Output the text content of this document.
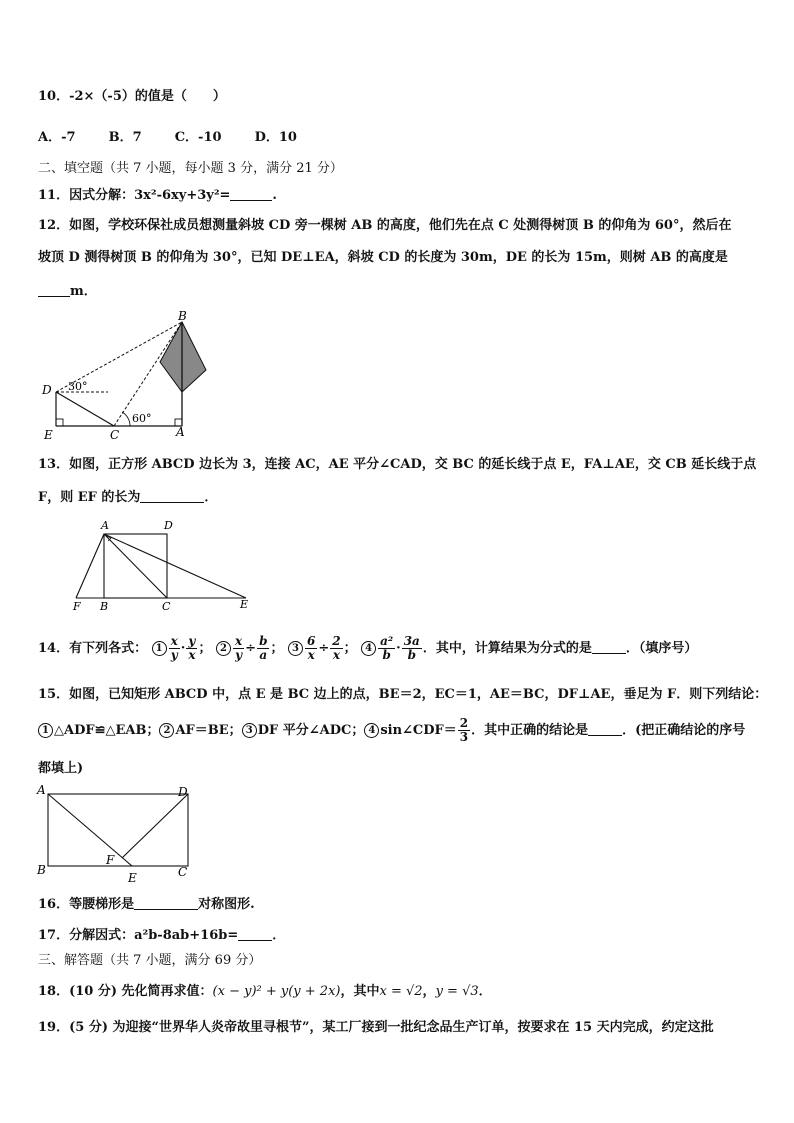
10．-2×（-5）的值是（　　）
A．-7	B．7	C．-10	D．10
二、填空题（共 7 小题，每小题 3 分，满分 21 分）
11．因式分解：3x²-6xy+3y²=	.
12．如图，学校环保社成员想测量斜坡 CD 旁一棵树 AB 的高度，他们先在点 C 处测得树顶 B 的仰角为 60°，然后在
坡顶 D 测得树顶 B 的仰角为 30°，已知 DE⊥EA，斜坡 CD 的长度为 30m，DE 的长为 15m，则树 AB 的高度是
m．
B
D
E	C	A
30°
60°
13．如图，正方形 ABCD 边长为 3，连接 AC，AE 平分∠CAD，交 BC 的延长线于点 E，FA⊥AE，交 CB 延长线于点
F，则 EF 的长为	．
A	D
F B	C	E
14．有下列各式： $1 \frac{x}{y} \cdot \frac{y}{x}$ ； $2 \frac{x}{y} \div \frac{b}{a}$ ； $3 \frac{6}{x} \div \frac{2}{x}$ ； $4 \frac{\text{a²}}{b} \cdot \frac{3a}{b}$ ．其中，计算结果为分式的是	．（填序号）
15．如图，已知矩形 ABCD 中，点 E 是 BC 边上的点，BE＝2，EC＝1，AE＝BC，DF⊥AE，垂足为 F．则下列结论：
1 △ADF≌△EAB； 2 AF＝BE； 3 DF 平分∠ADC； 4 sin∠CDF＝ $\frac{2}{3}$ ．其中正确的结论是	．(把正确结论的序号
都填上)
A	D
B
F
E	C
16．等腰梯形是	对称图形.
17．分解因式：a²b-8ab+16b=	．
三、解答题（共 7 小题，满分 69 分）
18．(10 分) 先化简再求值：(x − y)² + y(y + 2x)，其中x = √2，y = √3．
19．(5 分) 为迎接“世界华人炎帝故里寻根节”，某工厂接到一批纪念品生产订单，按要求在 15 天内完成，约定这批
